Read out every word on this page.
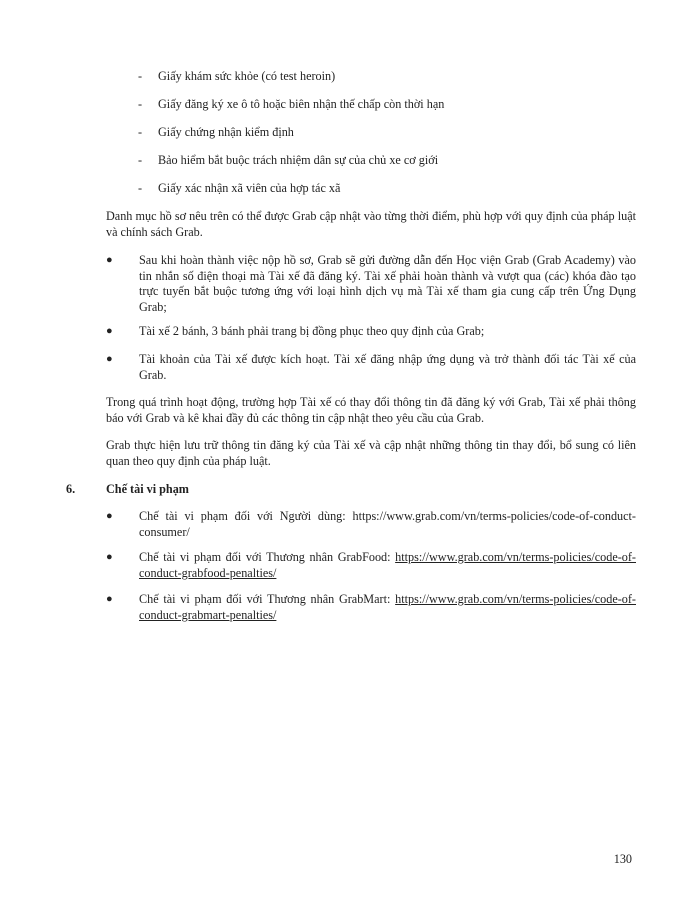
- Giấy khám sức khỏe (có test heroin)
- Giấy đăng ký xe ô tô hoặc biên nhận thế chấp còn thời hạn
- Giấy chứng nhận kiểm định
- Bảo hiểm bắt buộc trách nhiệm dân sự của chủ xe cơ giới
- Giấy xác nhận xã viên của hợp tác xã

Danh mục hồ sơ nêu trên có thể được Grab cập nhật vào từng thời điểm, phù hợp với quy định của pháp luật và chính sách Grab.

● Sau khi hoàn thành việc nộp hồ sơ, Grab sẽ gửi đường dẫn đến Học viện Grab (Grab Academy) vào tin nhắn số điện thoại mà Tài xế đã đăng ký. Tài xế phải hoàn thành và vượt qua (các) khóa đào tạo trực tuyến bắt buộc tương ứng với loại hình dịch vụ mà Tài xế tham gia cung cấp trên Ứng Dụng Grab;
● Tài xế 2 bánh, 3 bánh phải trang bị đồng phục theo quy định của Grab;
● Tài khoản của Tài xế được kích hoạt. Tài xế đăng nhập ứng dụng và trở thành đối tác Tài xế của Grab.

Trong quá trình hoạt động, trường hợp Tài xế có thay đổi thông tin đã đăng ký với Grab, Tài xế phải thông báo với Grab và kê khai đầy đủ các thông tin cập nhật theo yêu cầu của Grab.

Grab thực hiện lưu trữ thông tin đăng ký của Tài xế và cập nhật những thông tin thay đổi, bổ sung có liên quan theo quy định của pháp luật.

6.	Chế tài vi phạm
● Chế tài vi phạm đối với Người dùng: https://www.grab.com/vn/terms-policies/code-of-conduct-consumer/
● Chế tài vi phạm đối với Thương nhân GrabFood: https://www.grab.com/vn/terms-policies/code-of-conduct-grabfood-penalties/
● Chế tài vi phạm đối với Thương nhân GrabMart: https://www.grab.com/vn/terms-policies/code-of-conduct-grabmart-penalties/
130
